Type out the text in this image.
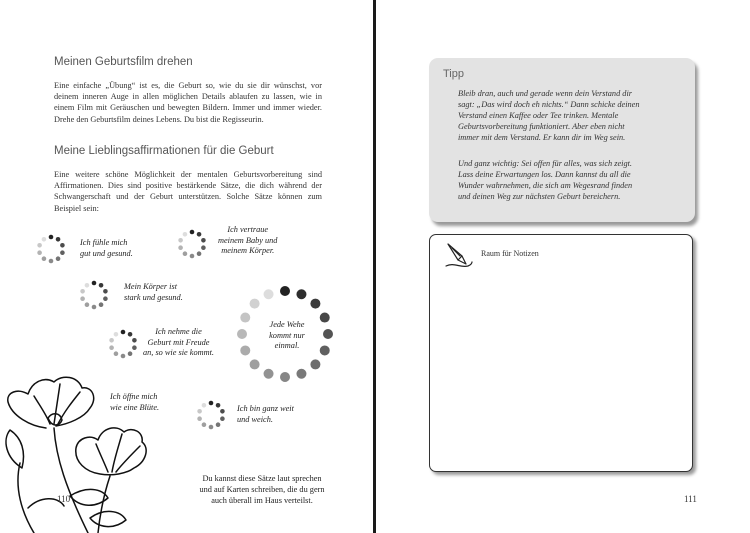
Meinen Geburtsfilm drehen
Eine einfache „Übung“ ist es, die Geburt so, wie du sie dir wünschst, vor deinem inneren Auge in allen möglichen Details ablaufen zu lassen, wie in einem Film mit Geräuschen und bewegten Bildern. Immer und immer wieder. Drehe den Geburtsfilm deines Lebens. Du bist die Regisseurin.
Meine Lieblingsaffirmationen für die Geburt
Eine weitere schöne Möglichkeit der mentalen Geburtsvorbereitung sind Affirmationen. Dies sind positive bestärkende Sätze, die dich während der Schwangerschaft und der Geburt unterstützen. Solche Sätze können zum Beispiel sein:
Ich fühle mich
gut und gesund.
Ich vertraue
meinem Baby und
meinem Körper.
Mein Körper ist
stark und gesund.
Jede Wehe
kommt nur
einmal.
Ich nehme die
Geburt mit Freude
an, so wie sie kommt.
Ich öffne mich
wie eine Blüte.	Ich bin ganz weit
und weich.
Du kannst diese Sätze laut sprechen
und auf Karten schreiben, die du gern
auch überall im Haus verteilst.
110
Tipp
Bleib dran, auch und gerade wenn dein Verstand dir
sagt: „Das wird doch eh nichts.“ Dann schicke deinen
Verstand einen Kaffee oder Tee trinken. Mentale
Geburtsvorbereitung funktioniert. Aber eben nicht
immer mit dem Verstand. Er kann dir im Weg sein.
Und ganz wichtig: Sei offen für alles, was sich zeigt.
Lass deine Erwartungen los. Dann kannst du all die
Wunder wahrnehmen, die sich am Wegesrand finden
und deinen Weg zur nächsten Geburt bereichern.
Raum für Notizen
111
